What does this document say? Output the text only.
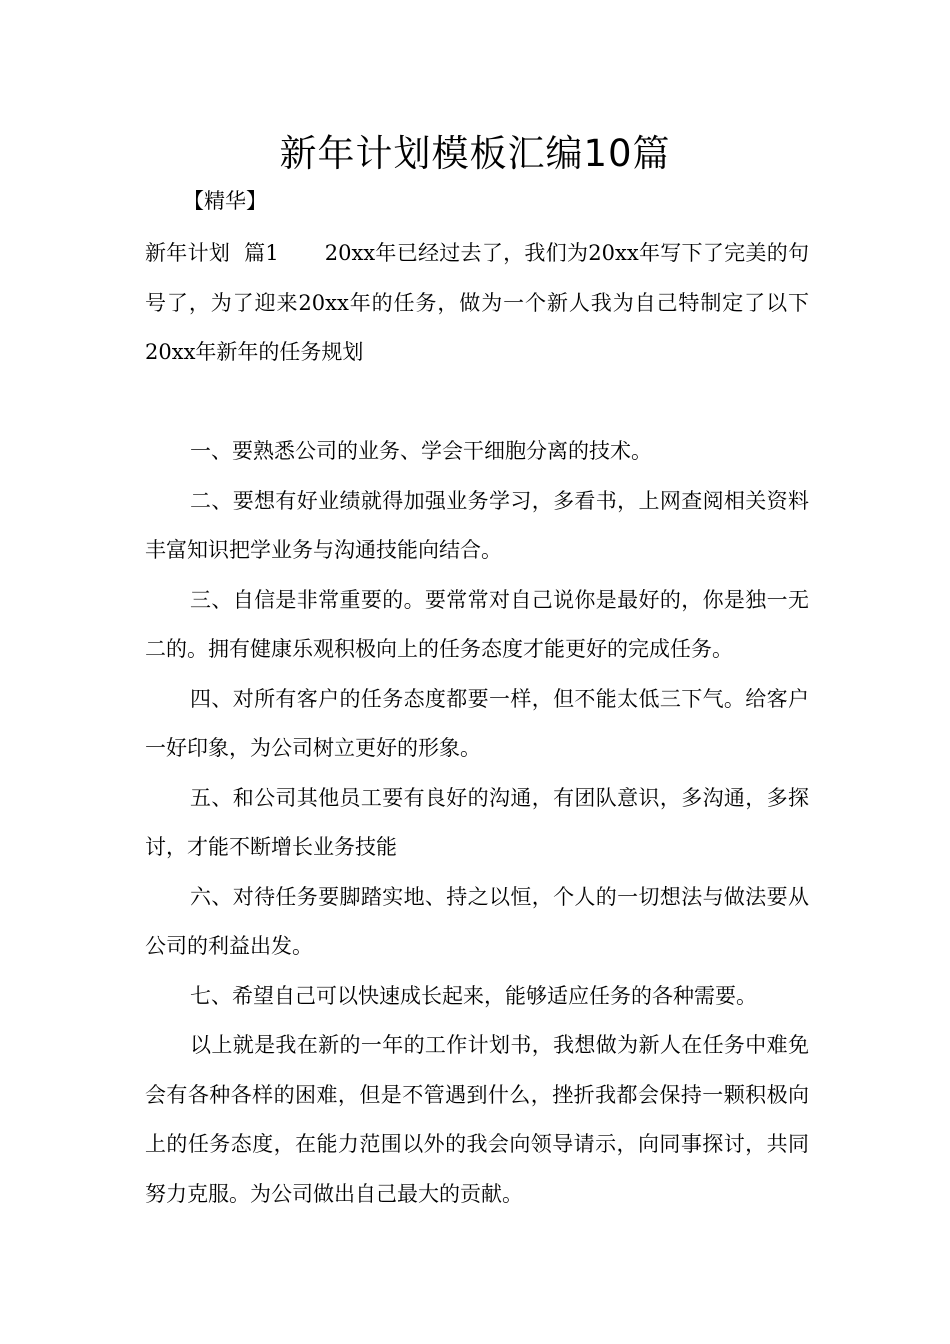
新年计划模板汇编10篇
【精华】

新年计划  篇1 20xx年已经过去了，我们为20xx年写下了完美的句号了，为了迎来20xx年的任务，做为一个新人我为自己特制定了以下20xx年新年的任务规划

一、要熟悉公司的业务、学会干细胞分离的技术。

二、要想有好业绩就得加强业务学习，多看书，上网查阅相关资料丰富知识把学业务与沟通技能向结合。

三、自信是非常重要的。要常常对自己说你是最好的，你是独一无二的。拥有健康乐观积极向上的任务态度才能更好的完成任务。

四、对所有客户的任务态度都要一样，但不能太低三下气。给客户一好印象，为公司树立更好的形象。

五、和公司其他员工要有良好的沟通，有团队意识，多沟通，多探讨，才能不断增长业务技能

六、对待任务要脚踏实地、持之以恒，个人的一切想法与做法要从公司的利益出发。

七、希望自己可以快速成长起来，能够适应任务的各种需要。

以上就是我在新的一年的工作计划书，我想做为新人在任务中难免会有各种各样的困难，但是不管遇到什么，挫折我都会保持一颗积极向上的任务态度，在能力范围以外的我会向领导请示，向同事探讨，共同努力克服。为公司做出自己最大的贡献。
